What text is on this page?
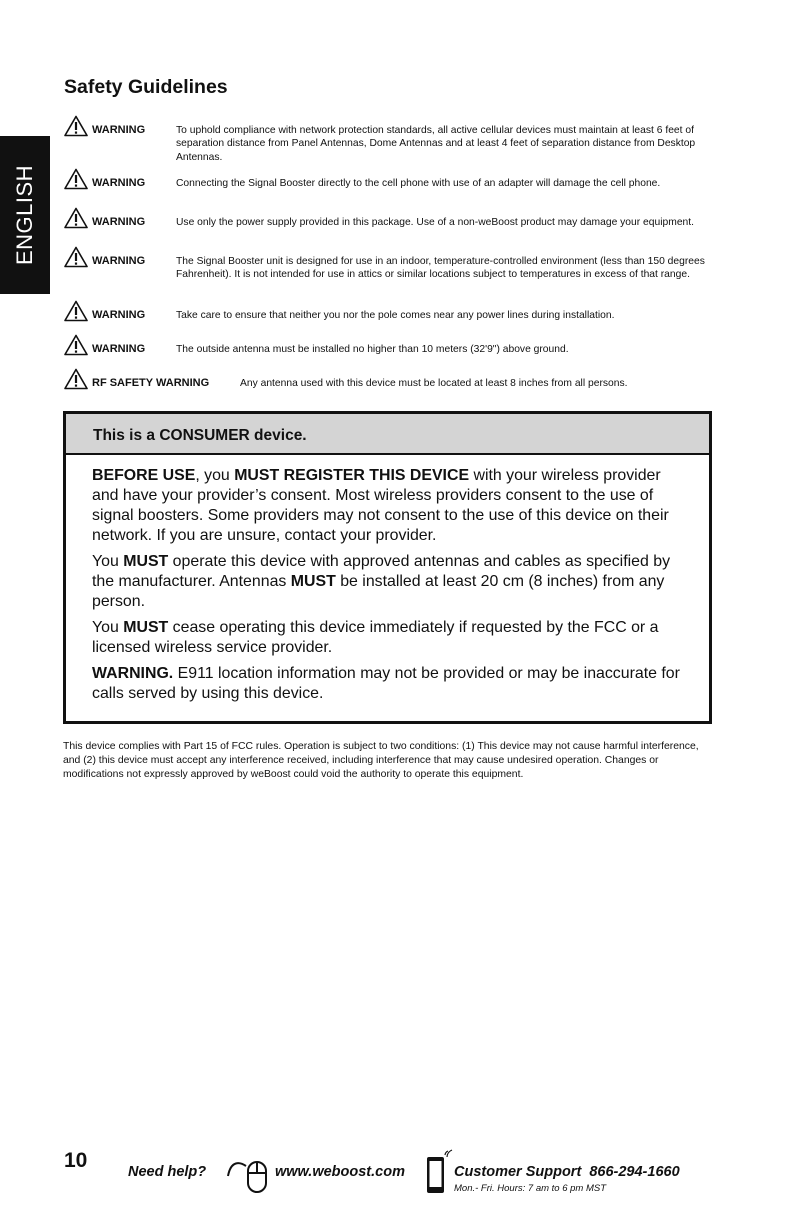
ENGLISH
Safety Guidelines
WARNING	To uphold compliance with network protection standards, all active cellular devices must maintain at least 6 feet of separation distance from Panel Antennas, Dome Antennas and at least 4 feet of separation distance from Desktop Antennas.
WARNING	Connecting the Signal Booster directly to the cell phone with use of an adapter will damage the cell phone.
WARNING	Use only the power supply provided in this package. Use of a non-weBoost product may damage your equipment.
WARNING	The Signal Booster unit is designed for use in an indoor, temperature-controlled environment (less than 150 degrees Fahrenheit). It is not intended for use in attics or similar locations subject to temperatures in excess of that range.
WARNING	Take care to ensure that neither you nor the pole comes near any power lines during installation.
WARNING	The outside antenna must be installed no higher than 10 meters (32'9") above ground.
RF SAFETY WARNING	Any antenna used with this device must be located at least 8 inches from all persons.
This is a CONSUMER device.

BEFORE USE, you MUST REGISTER THIS DEVICE with your wireless provider and have your provider’s consent. Most wireless providers consent to the use of signal boosters. Some providers may not consent to the use of this device on their network. If you are unsure, contact your provider.

You MUST operate this device with approved antennas and cables as specified by the manufacturer. Antennas MUST be installed at least 20 cm (8 inches) from any person.

You MUST cease operating this device immediately if requested by the FCC or a licensed wireless service provider.

WARNING. E911 location information may not be provided or may be inaccurate for calls served by using this device.

This device complies with Part 15 of FCC rules. Operation is subject to two conditions: (1) This device may not cause harmful interference, and (2) this device must accept any interference received, including interference that may cause undesired operation. Changes or modifications not expressly approved by weBoost could void the authority to operate this equipment.

10	Need help?	www.weboost.com	Customer Support 866-294-1660
Mon.- Fri. Hours: 7 am to 6 pm MST
